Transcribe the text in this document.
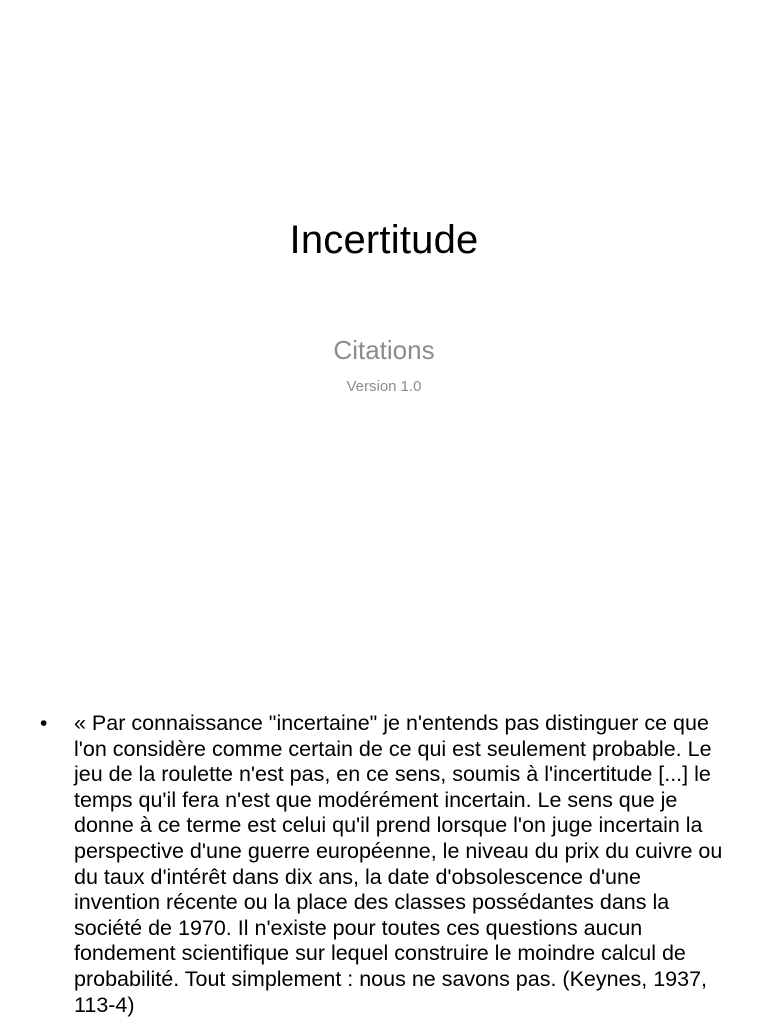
Incertitude
Citations
Version 1.0
• « Par connaissance "incertaine" je n'entends pas distinguer ce que l'on considère comme certain de ce qui est seulement probable. Le jeu de la roulette n'est pas, en ce sens, soumis à l'incertitude [...] le temps qu'il fera n'est que modérément incertain. Le sens que je donne à ce terme est celui qu'il prend lorsque l'on juge incertain la perspective d'une guerre européenne, le niveau du prix du cuivre ou du taux d'intérêt dans dix ans, la date d'obsolescence d'une invention récente ou la place des classes possédantes dans la société de 1970. Il n'existe pour toutes ces questions aucun fondement scientifique sur lequel construire le moindre calcul de probabilité. Tout simplement : nous ne savons pas. (Keynes, 1937, 113-4)
